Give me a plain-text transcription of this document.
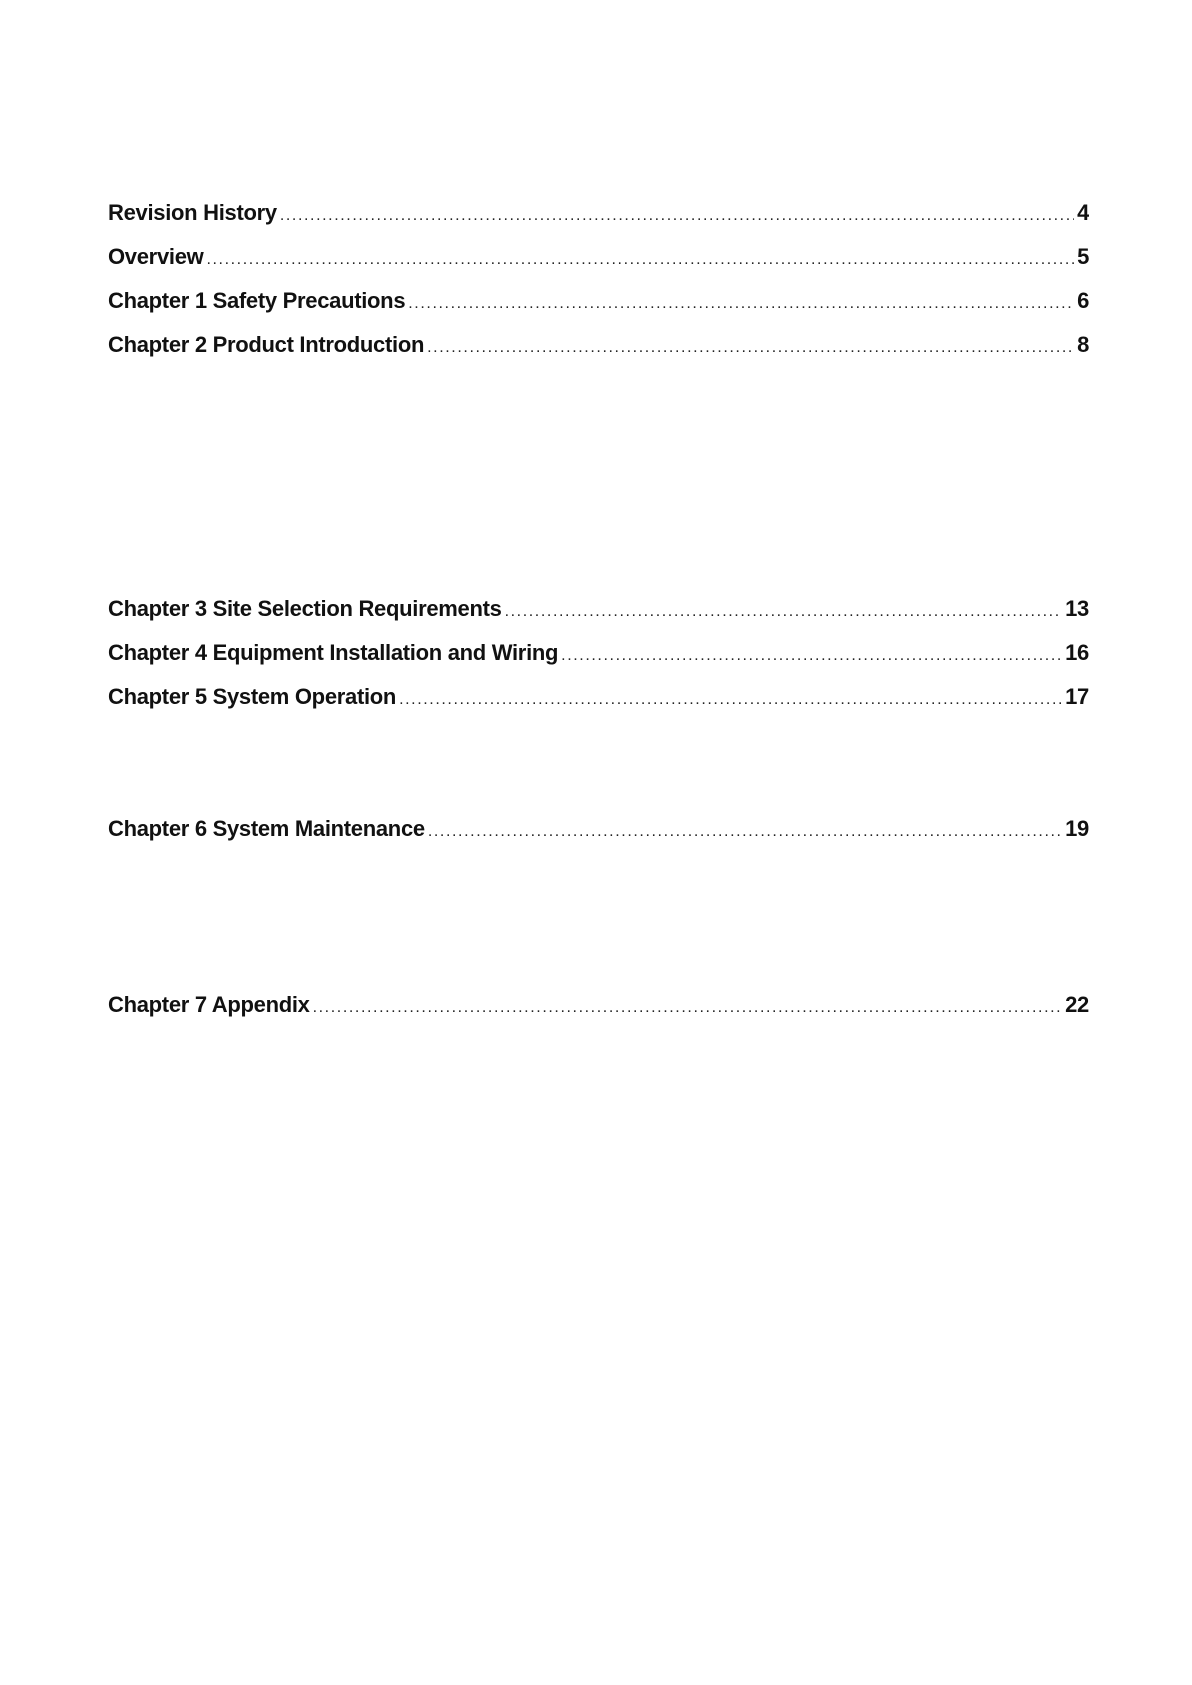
Revision History .....	4
Overview .....	5
Chapter 1 Safety Precautions .....	6
Chapter 2 Product Introduction .....	8
Chapter 3 Site Selection Requirements .....	13
Chapter 4 Equipment Installation and Wiring .....	16
Chapter 5 System Operation .....	17
Chapter 6 System Maintenance .....	19
Chapter 7 Appendix .....	22
